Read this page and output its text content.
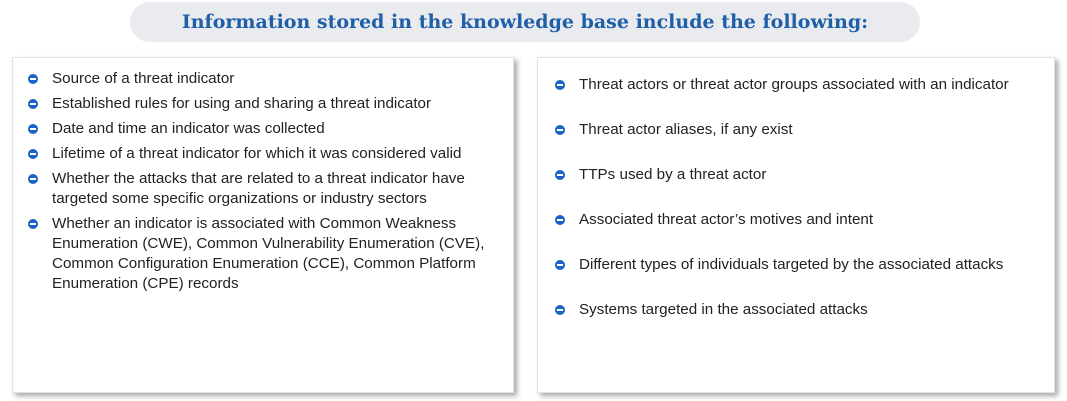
Information stored in the knowledge base include the following:
Source of a threat indicator
Established rules for using and sharing a threat indicator
Date and time an indicator was collected
Lifetime of a threat indicator for which it was considered valid
Whether the attacks that are related to a threat indicator have targeted some specific organizations or industry sectors
Whether an indicator is associated with Common Weakness Enumeration (CWE), Common Vulnerability Enumeration (CVE), Common Configuration Enumeration (CCE), Common Platform Enumeration (CPE) records
Threat actors or threat actor groups associated with an indicator
Threat actor aliases, if any exist
TTPs used by a threat actor
Associated threat actor’s motives and intent
Different types of individuals targeted by the associated attacks
Systems targeted in the associated attacks
